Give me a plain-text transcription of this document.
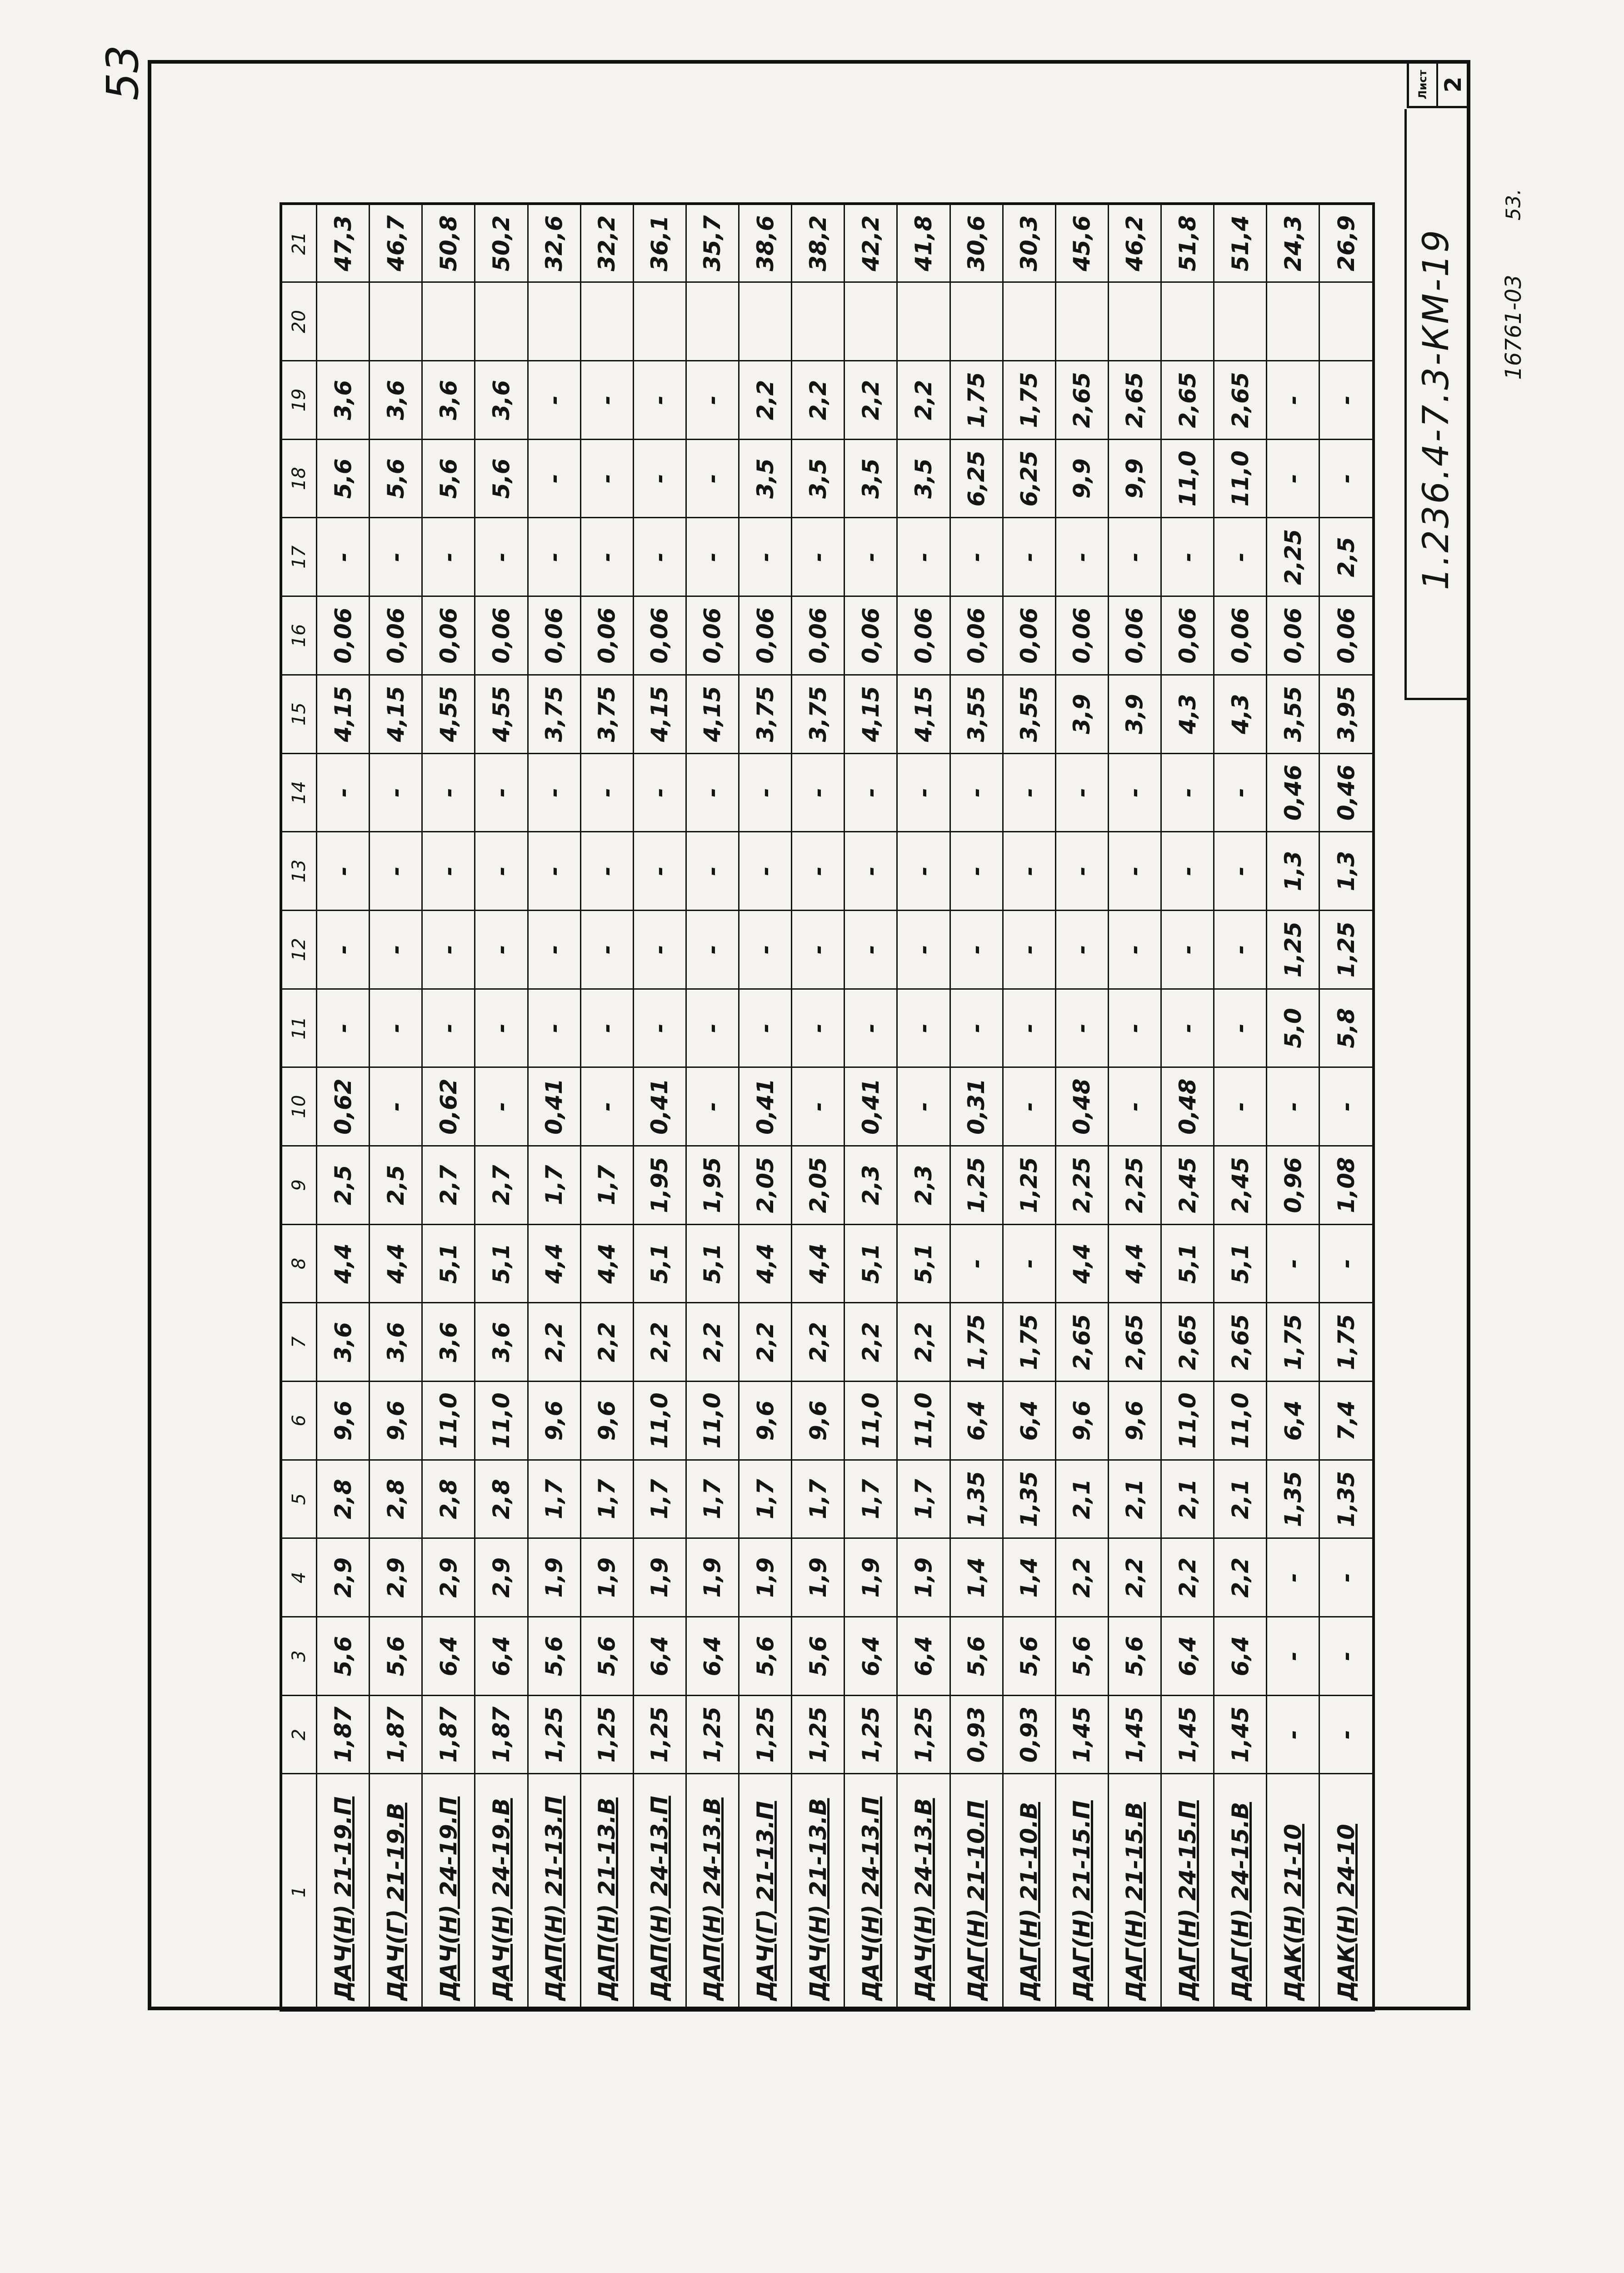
53	Лист 2
1.236.4-7.3-КМ-19 16761-03
53.
1	2	3	4	5	6	7	8	9	10	11	12	13	14	15	16	17	18	19	20	21
ДАЧ(Н) 21-19.П	1,87	5,6	2,9	2,8	9,6	3,6	4,4	2,5	0,62	-	-	-	-	4,15	0,06	-	5,6	3,6		47,3
ДАЧ(Г) 21-19.В	1,87	5,6	2,9	2,8	9,6	3,6	4,4	2,5	-	-	-	-	-	4,15	0,06	-	5,6	3,6		46,7
ДАЧ(Н) 24-19.П	1,87	6,4	2,9	2,8	11,0	3,6	5,1	2,7	0,62	-	-	-	-	4,55	0,06	-	5,6	3,6		50,8
ДАЧ(Н) 24-19.В	1,87	6,4	2,9	2,8	11,0	3,6	5,1	2,7	-	-	-	-	-	4,55	0,06	-	5,6	3,6		50,2
ДАП(Н) 21-13.П	1,25	5,6	1,9	1,7	9,6	2,2	4,4	1,7	0,41	-	-	-	-	3,75	0,06	-	-	-		32,6
ДАП(Н) 21-13.В	1,25	5,6	1,9	1,7	9,6	2,2	4,4	1,7	-	-	-	-	-	3,75	0,06	-	-	-		32,2
ДАП(Н) 24-13.П	1,25	6,4	1,9	1,7	11,0	2,2	5,1	1,95	0,41	-	-	-	-	4,15	0,06	-	-	-		36,1
ДАП(Н) 24-13.В	1,25	6,4	1,9	1,7	11,0	2,2	5,1	1,95	-	-	-	-	-	4,15	0,06	-	-	-		35,7
ДАЧ(Г) 21-13.П	1,25	5,6	1,9	1,7	9,6	2,2	4,4	2,05	0,41	-	-	-	-	3,75	0,06	-	3,5	2,2		38,6
ДАЧ(Н) 21-13.В	1,25	5,6	1,9	1,7	9,6	2,2	4,4	2,05	-	-	-	-	-	3,75	0,06	-	3,5	2,2		38,2
ДАЧ(Н) 24-13.П	1,25	6,4	1,9	1,7	11,0	2,2	5,1	2,3	0,41	-	-	-	-	4,15	0,06	-	3,5	2,2		42,2
ДАЧ(Н) 24-13.В	1,25	6,4	1,9	1,7	11,0	2,2	5,1	2,3	-	-	-	-	-	4,15	0,06	-	3,5	2,2		41,8
ДАГ(Н) 21-10.П	0,93	5,6	1,4	1,35	6,4	1,75	-	1,25	0,31	-	-	-	-	3,55	0,06	-	6,25	1,75		30,6
ДАГ(Н) 21-10.В	0,93	5,6	1,4	1,35	6,4	1,75	-	1,25	-	-	-	-	-	3,55	0,06	-	6,25	1,75		30,3
ДАГ(Н) 21-15.П	1,45	5,6	2,2	2,1	9,6	2,65	4,4	2,25	0,48	-	-	-	-	3,9	0,06	-	9,9	2,65		45,6
ДАГ(Н) 21-15.В	1,45	5,6	2,2	2,1	9,6	2,65	4,4	2,25	-	-	-	-	-	3,9	0,06	-	9,9	2,65		46,2
ДАГ(Н) 24-15.П	1,45	6,4	2,2	2,1	11,0	2,65	5,1	2,45	0,48	-	-	-	-	4,3	0,06	-	11,0	2,65		51,8
ДАГ(Н) 24-15.В	1,45	6,4	2,2	2,1	11,0	2,65	5,1	2,45	-	-	-	-	-	4,3	0,06	-	11,0	2,65		51,4
ДАК(Н) 21-10	-	-	-	1,35	6,4	1,75	-	0,96	-	5,0	1,25	1,3	0,46	3,55	0,06	2,25	-	-		24,3
ДАК(Н) 24-10	-	-	-	1,35	7,4	1,75	-	1,08	-	5,8	1,25	1,3	0,46	3,95	0,06	2,5	-	-		26,9
